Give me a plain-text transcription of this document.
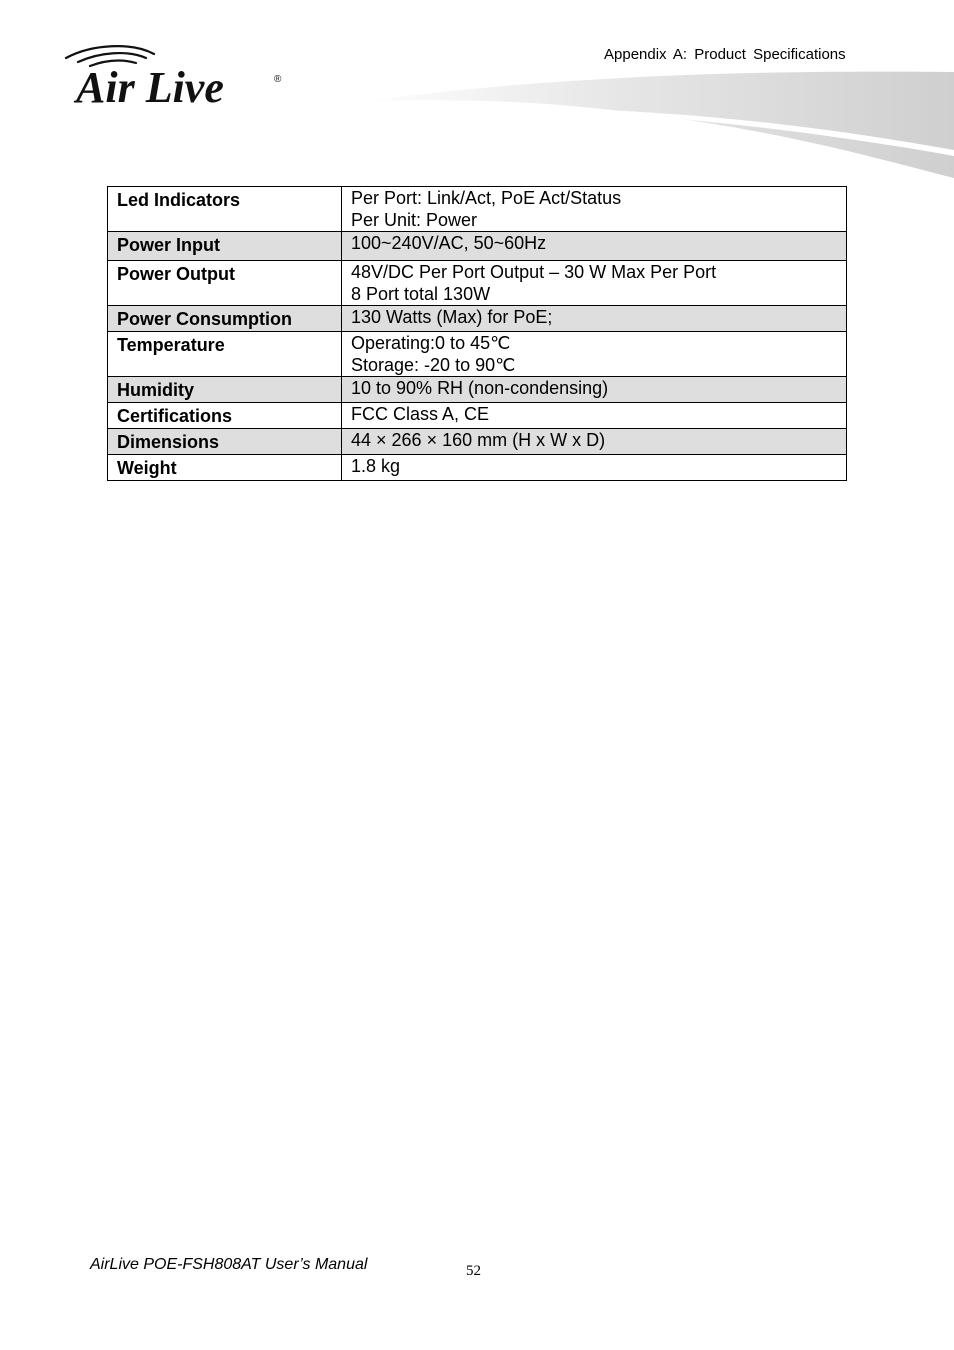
Air Live	®
Appendix A: Product Specifications
Led Indicators	Per Port: Link/Act, PoE Act/Status
Per Unit: Power

Power Input	100~240V/AC, 50~60Hz

Power Output	48V/DC Per Port Output – 30 W Max Per Port
8 Port total 130W

Power Consumption	130 Watts (Max) for PoE;

Temperature	Operating:0 to 45℃
Storage: -20 to 90℃

Humidity	10 to 90% RH (non-condensing)

Certifications	FCC Class A, CE

Dimensions	44 × 266 × 160 mm (H x W x D)

Weight	1.8 kg
AirLive POE-FSH808AT User’s Manual	52
